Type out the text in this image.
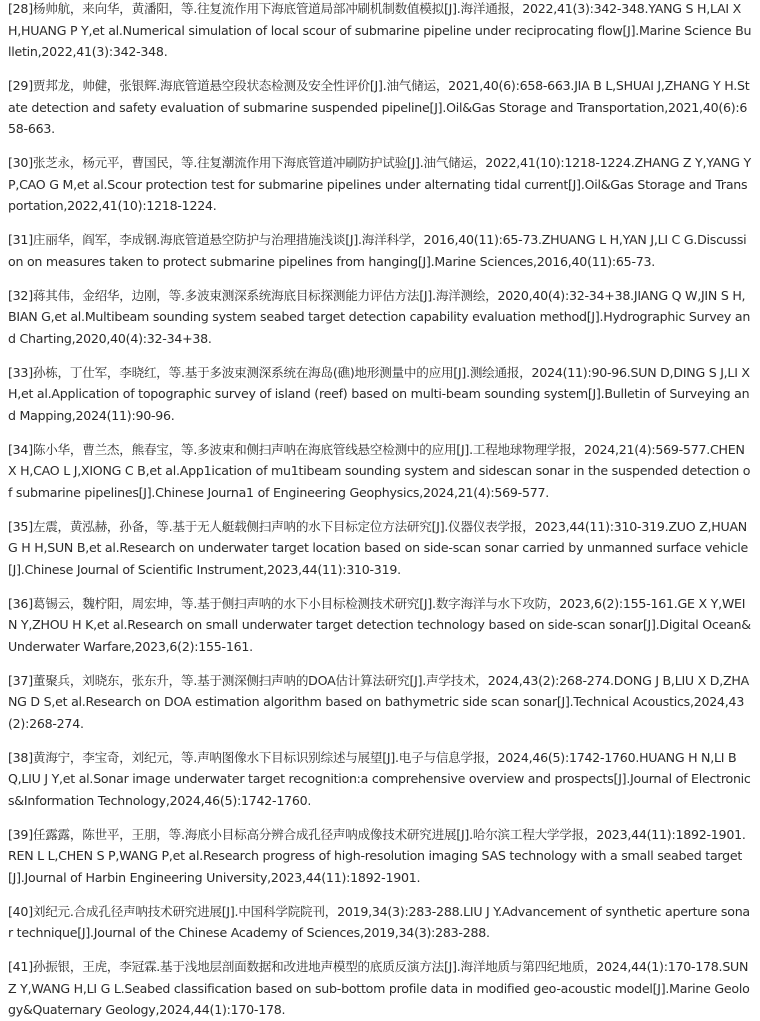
[28]杨帅航，来向华，黄潘阳，等.往复流作用下海底管道局部冲刷机制数值模拟[J].海洋通报，2022,41(3):342-348.YANG S H,LAI X H,HUANG P Y,et al.Numerical simulation of local scour of submarine pipeline under reciprocating flow[J].Marine Science Bulletin,2022,41(3):342-348.

[29]贾邦龙，帅健，张银辉.海底管道悬空段状态检测及安全性评价[J].油气储运，2021,40(6):658-663.JIA B L,SHUAI J,ZHANG Y H.State detection and safety evaluation of submarine suspended pipeline[J].Oil&Gas Storage and Transportation,2021,40(6):658-663.

[30]张芝永，杨元平，曹国民，等.往复潮流作用下海底管道冲刷防护试验[J].油气储运，2022,41(10):1218-1224.ZHANG Z Y,YANG Y P,CAO G M,et al.Scour protection test for submarine pipelines under alternating tidal current[J].Oil&Gas Storage and Transportation,2022,41(10):1218-1224.

[31]庄丽华，阎军，李成钢.海底管道悬空防护与治理措施浅谈[J].海洋科学，2016,40(11):65-73.ZHUANG L H,YAN J,LI C G.Discussion on measures taken to protect submarine pipelines from hanging[J].Marine Sciences,2016,40(11):65-73.

[32]蒋其伟，金绍华，边刚，等.多波束测深系统海底目标探测能力评估方法[J].海洋测绘，2020,40(4):32-34+38.JIANG Q W,JIN S H,BIAN G,et al.Multibeam sounding system seabed target detection capability evaluation method[J].Hydrographic Survey and Charting,2020,40(4):32-34+38.

[33]孙栋，丁仕军，李晓红，等.基于多波束测深系统在海岛(礁)地形测量中的应用[J].测绘通报，2024(11):90-96.SUN D,DING S J,LI X H,et al.Application of topographic survey of island (reef) based on multi-beam sounding system[J].Bulletin of Surveying and Mapping,2024(11):90-96.

[34]陈小华，曹兰杰，熊春宝，等.多波束和侧扫声呐在海底管线悬空检测中的应用[J].工程地球物理学报，2024,21(4):569-577.CHEN X H,CAO L J,XIONG C B,et al.App1ication of mu1tibeam sounding system and sidescan sonar in the suspended detection of submarine pipelines[J].Chinese Journa1 of Engineering Geophysics,2024,21(4):569-577.

[35]左震，黄泓赫，孙备，等.基于无人艇载侧扫声呐的水下目标定位方法研究[J].仪器仪表学报，2023,44(11):310-319.ZUO Z,HUANG H H,SUN B,et al.Research on underwater target location based on side-scan sonar carried by unmanned surface vehicle[J].Chinese Journal of Scientific Instrument,2023,44(11):310-319.

[36]葛锡云，魏柠阳，周宏坤，等.基于侧扫声呐的水下小目标检测技术研究[J].数字海洋与水下攻防，2023,6(2):155-161.GE X Y,WEI N Y,ZHOU H K,et al.Research on small underwater target detection technology based on side-scan sonar[J].Digital Ocean&Underwater Warfare,2023,6(2):155-161.

[37]董聚兵，刘晓东，张东升，等.基于测深侧扫声呐的DOA估计算法研究[J].声学技术，2024,43(2):268-274.DONG J B,LIU X D,ZHANG D S,et al.Research on DOA estimation algorithm based on bathymetric side scan sonar[J].Technical Acoustics,2024,43(2):268-274.

[38]黄海宁，李宝奇，刘纪元，等.声呐图像水下目标识别综述与展望[J].电子与信息学报，2024,46(5):1742-1760.HUANG H N,LI B Q,LIU J Y,et al.Sonar image underwater target recognition:a comprehensive overview and prospects[J].Journal of Electronics&Information Technology,2024,46(5):1742-1760.

[39]任露露，陈世平，王朋，等.海底小目标高分辨合成孔径声呐成像技术研究进展[J].哈尔滨工程大学学报，2023,44(11):1892-1901.REN L L,CHEN S P,WANG P,et al.Research progress of high-resolution imaging SAS technology with a small seabed target[J].Journal of Harbin Engineering University,2023,44(11):1892-1901.

[40]刘纪元.合成孔径声呐技术研究进展[J].中国科学院院刊，2019,34(3):283-288.LIU J Y.Advancement of synthetic aperture sonar technique[J].Journal of the Chinese Academy of Sciences,2019,34(3):283-288.

[41]孙振银，王虎，李冠霖.基于浅地层剖面数据和改进地声模型的底质反演方法[J].海洋地质与第四纪地质，2024,44(1):170-178.SUN Z Y,WANG H,LI G L.Seabed classification based on sub-bottom profile data in modified geo-acoustic model[J].Marine Geology&Quaternary Geology,2024,44(1):170-178.
